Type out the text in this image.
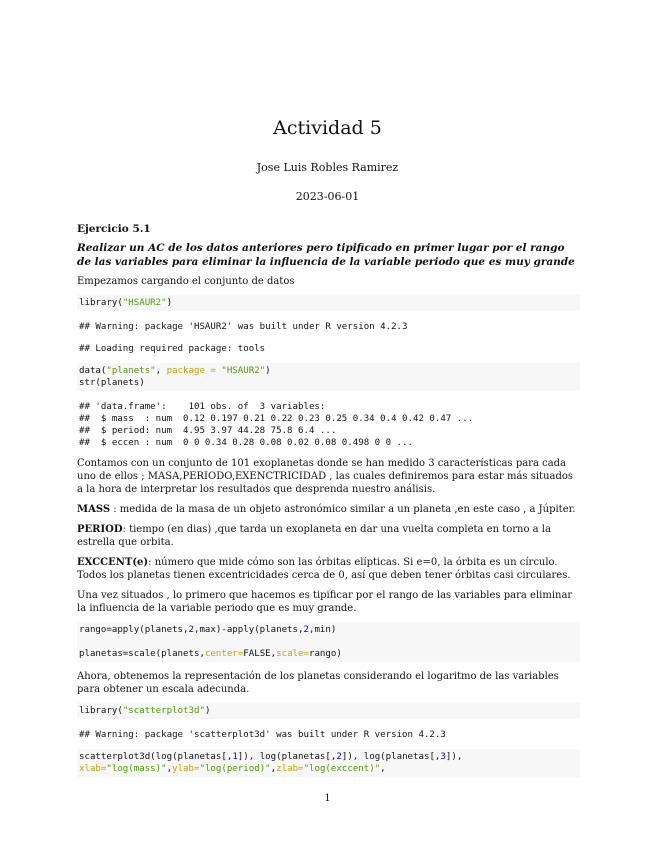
Actividad 5
Jose Luis Robles Ramirez
2023-06-01
Ejercicio 5.1
Realizar un AC de los datos anteriores pero tipificado en primer lugar por el rango de las variables para eliminar la influencia de la variable periodo que es muy grande

Empezamos cargando el conjunto de datos

library("HSAUR2")
## Warning: package 'HSAUR2' was built under R version 4.2.3
## Loading required package: tools
data("planets", package = "HSAUR2")
str(planets)
## 'data.frame':    101 obs. of  3 variables:
##  $ mass  : num  0.12 0.197 0.21 0.22 0.23 0.25 0.34 0.4 0.42 0.47 ...
##  $ period: num  4.95 3.97 44.28 75.8 6.4 ...
##  $ eccen : num  0 0 0.34 0.28 0.08 0.02 0.08 0.498 0 0 ...

Contamos con un conjunto de 101 exoplanetas donde se han medido 3 características para cada uno de ellos ; MASA,PERIODO,EXENCTRICIDAD , las cuales definiremos para estar más situados a la hora de interpretar los resultados que desprenda nuestro análisis.

MASS : medida de la masa de un objeto astronómico similar a un planeta ,en este caso , a Júpiter.

PERIOD: tiempo (en dias) ,que tarda un exoplaneta en dar una vuelta completa en torno a la estrella que orbita.

EXCCENT(e): número que mide cómo son las órbitas elípticas. Si e=0, la órbita es un círculo. Todos los planetas tienen excentricidades cerca de 0, así que deben tener órbitas casi circulares.

Una vez situados , lo primero que hacemos es tipificar por el rango de las variables para eliminar la influencia de la variable periodo que es muy grande.

rango=apply(planets,2,max)-apply(planets,2,min)

planetas=scale(planets,center=FALSE,scale=rango)

Ahora, obtenemos la representación de los planetas considerando el logaritmo de las variables para obtener un escala adecunda.

library("scatterplot3d")
## Warning: package 'scatterplot3d' was built under R version 4.2.3
scatterplot3d(log(planetas[,1]), log(planetas[,2]), log(planetas[,3]),
xlab="log(mass)",ylab="log(period)",zlab="log(exccent)",
1
